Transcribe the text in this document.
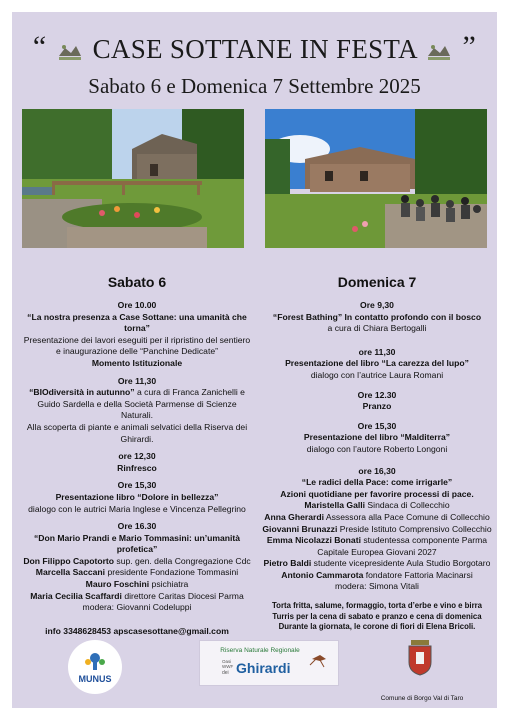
“ CASE SOTTANE IN FESTA ”
Sabato 6 e Domenica 7 Settembre 2025
Sabato 6

Ore 10.00

“La nostra presenza a Case Sottane: una umanità che torna”

Presentazione dei lavori eseguiti per il ripristino del sentiero e inaugurazione delle “Panchine Dedicate”

Momento Istituzionale

Ore 11,30

“BIOdiversità in autunno” a cura di Franca Zanichelli e Guido Sardella e della Società Parmense di Scienze Naturali.

Alla scoperta di piante e animali selvatici della Riserva dei Ghirardi.

ore 12,30

Rinfresco

Ore 15,30

Presentazione libro “Dolore in bellezza”

dialogo con le autrici Maria Inglese e Vincenza Pellegrino

Ore 16.30

“Don Mario Prandi e Mario Tommasini: un’umanità profetica”

Don Filippo Capotorto sup. gen. della Congregazione Cdc

Marcella Saccani presidente Fondazione Tommasini

Mauro Foschini psichiatra

Maria Cecilia Scaffardi direttore Caritas Diocesi Parma

modera: Giovanni Codeluppi

info 3348628453 apscasesottane@gmail.com

Domenica 7

Ore 9,30

“Forest Bathing” In contatto profondo con il bosco

a cura di Chiara Bertogalli

ore 11,30

Presentazione del libro “La carezza del lupo”

dialogo con l’autrice Laura Romani

Ore 12.30

Pranzo

Ore 15,30

Presentazione del libro “Malditerra”

dialogo con l’autore Roberto Longoni

ore 16,30

“Le radici della Pace: come irrigarle”

Azioni quotidiane per favorire processi di pace.

Maristella Galli Sindaca di Collecchio

Anna Gherardi Assessora alla Pace Comune di Collecchio

Giovanni Brunazzi Preside Istituto Comprensivo Collecchio

Emma Nicolazzi Bonati studentessa componente Parma Capitale Europea Giovani 2027

Pietro Baldi studente vicepresidente Aula Studio Borgotaro

Antonio Cammarota fondatore Fattoria Macinarsi

modera: Simona Vitali

Torta fritta, salume, formaggio, torta d’erbe e vino e birra Turris per la cena di sabato e pranzo e cena di domenica

Durante la giornata, le corone di fiori di Elena Bricoli.

MUNUS
Riserva Naturale Regionale
Oasi
WWF
dei Ghirardi
Comune di Borgo Val di Taro
